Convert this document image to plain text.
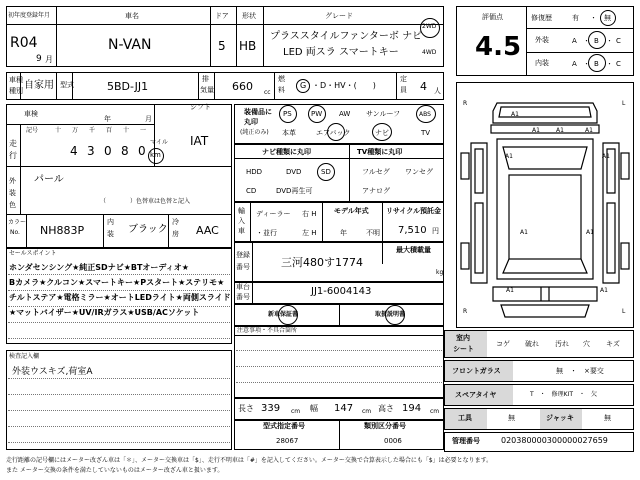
初年度登録年月
R04
9 月
車名
N-VAN
ドア
5
形状
HB
グレード
プラススタイルファンターボ ナビ
LED 両スラ スマートキー
2WD
4WD
車種
種別 自家用 型式	5BD-JJ1
排
気量 660 cc
燃
料 G ・D・HV・(　　)
定
員 4 人
車検
年	月
走
行
記号	十 万 千 百 十 一
4 3 0 8 0
マイル
km
シフト
IAT
外
装
色
パール
（　　　　）色替車は色替と記入
カラー
No. NH883P
内
装 ブラック
冷
房 AAC
セールスポイント
ホンダセンシング★純正SDナビ★BTオーディオ★
Bカメラ★クルコン★スマートキー★Pスタート★ステリモ★
チルトステア★電格ミラー★オートLEDライト★両側スライド
★マットバイザー★UV/IRガラス★USB/ACソケット
検査記入欄
外装ウスキズ,荷室A
装備品に
丸印
(純正のみ)
PS	PW AW サンルーフ	ABS
本革	エアバック	ナビ	TV
ナビ種類に丸印
HDD	DVD	SD
CD	DVD再生可
TV種類に丸印
フルセグ ワンセグ
アナログ
輸
入
車
ディーラー
・並行
右 H
左 H
モデル年式
年	不明
リサイクル預託金
7,510 円
登録
番号	三河480す1774
最大積載量
kg
車台
番号	JJ1-6004143
新車保証書	取扱説明書
注意事項・不具合箇所
長さ 339 cm 幅 147 cm 高さ 194 cm
型式指定番号
28067
類別区分番号
0006
評価点
4.5
修復歴	有 ・ 無
外装	A ・ B ・ C
内装	A ・ B ・ C
R	L
R	L
A1
A1	A1	A1
A1	A1
A1	A1
A1	A1
室内
シート
コゲ 破れ 汚れ 穴 キズ
フロントガラス	無　・　×要交
スペアタイヤ	T　・　修理KIT　・　欠
工具	無	ジャッキ	無
管理番号	020380000300000027659
走行距離の記号欄にはメーター改ざん車は「＊」、メーター交換車は「$」、走行不明車は「#」を記入してください。メーター交換で合算表示した場合にも「$」は必要となります。
また メーター交換の条件を満たしていないものはメーター改ざん車と扱います。
